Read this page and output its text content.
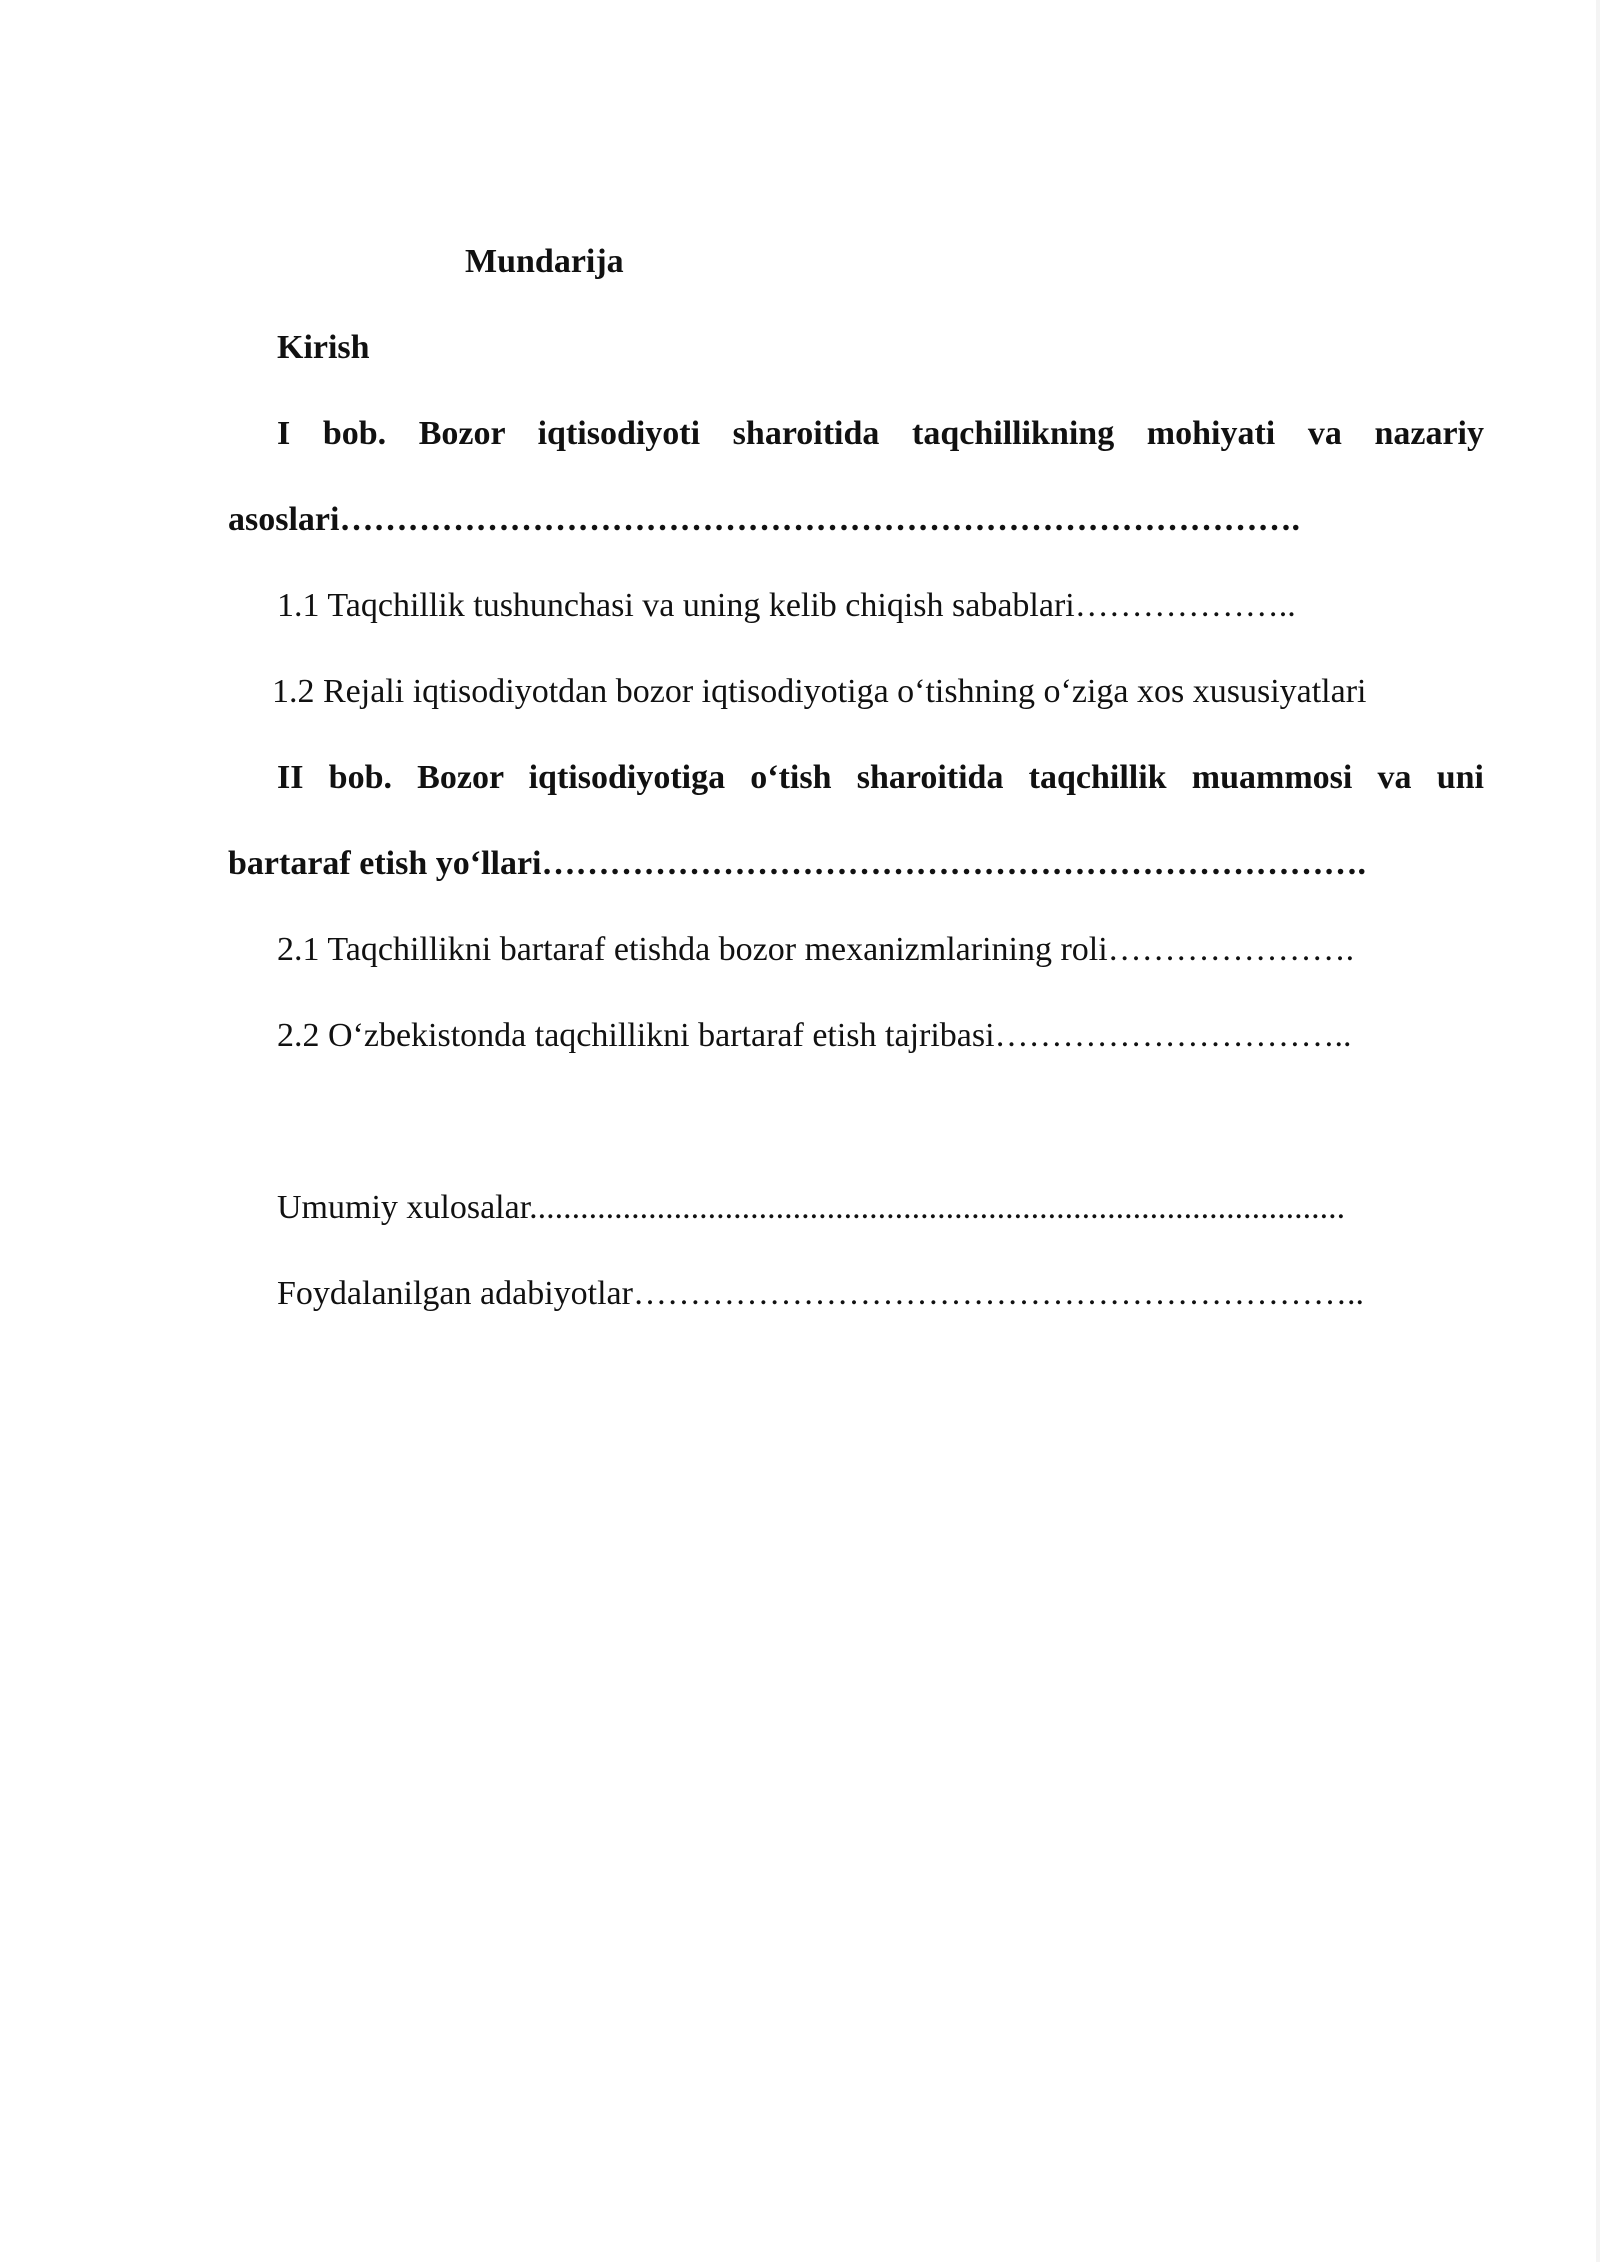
Mundarija
Kirish
I bob. Bozor iqtisodiyoti sharoitida taqchillikning mohiyati va nazariy
asoslari………………………………………………………………………….
1.1 Taqchillik tushunchasi va uning kelib chiqish sabablari………………..
1.2 Rejali iqtisodiyotdan bozor iqtisodiyotiga o‘tishning o‘ziga xos xususiyatlari
II bob. Bozor iqtisodiyotiga o‘tish sharoitida taqchillik muammosi va uni
bartaraf etish yo‘llari……………………………………………………………….
2.1 Taqchillikni bartaraf etishda bozor mexanizmlarining roli………………….
2.2 O‘zbekistonda taqchillikni bartaraf etish tajribasi…………………………..
Umumiy xulosalar................................................................................................
Foydalanilgan adabiyotlar………………………………………………………..
